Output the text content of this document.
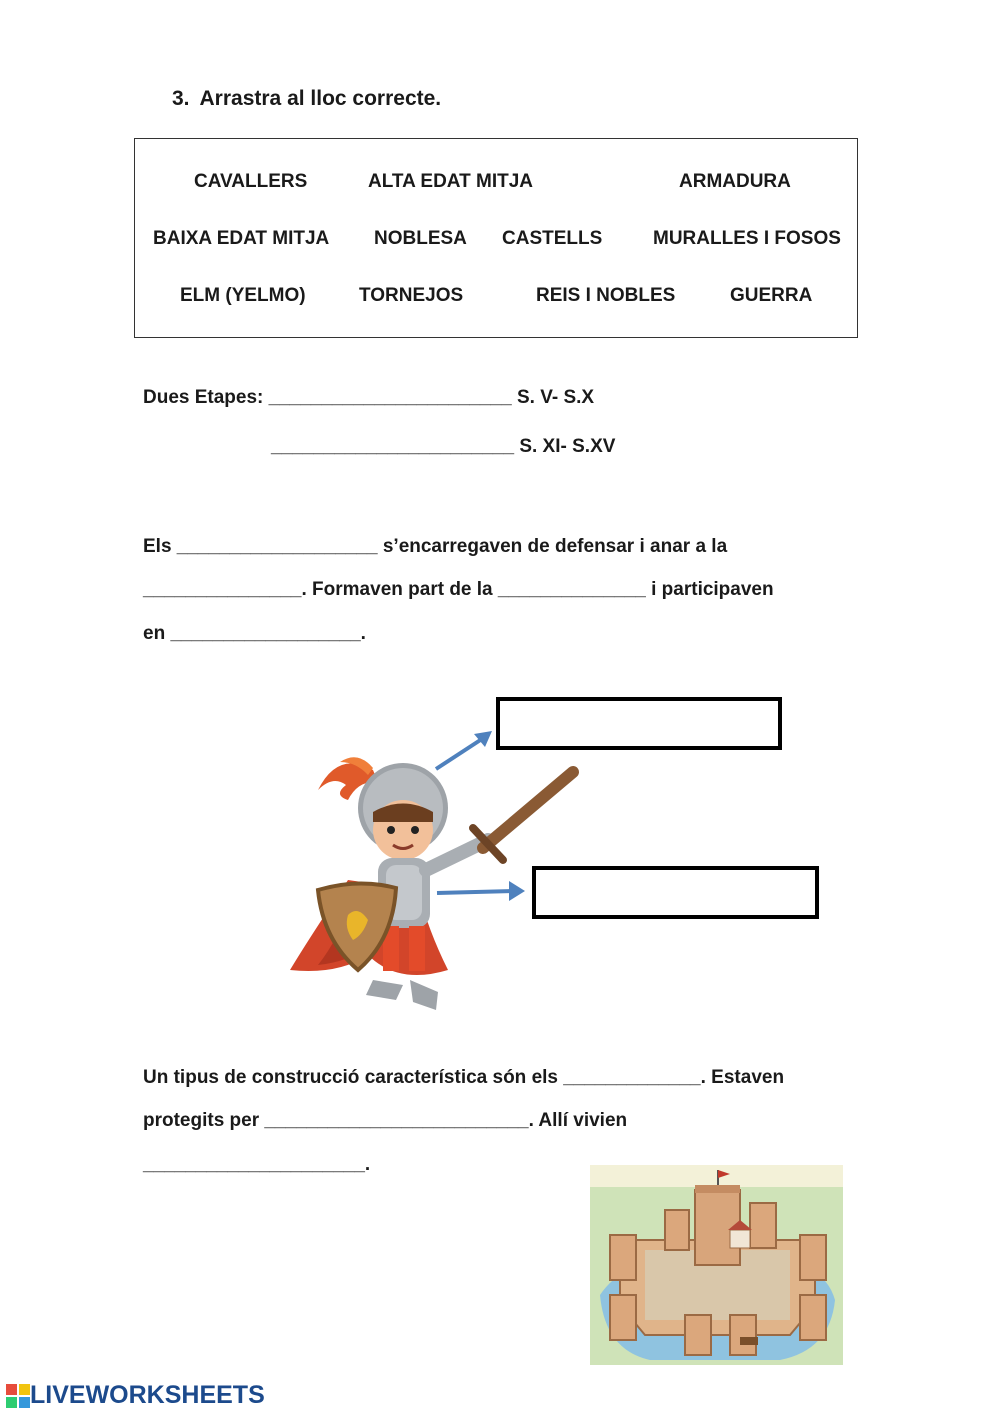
3. Arrastra al lloc correcte.
CAVALLERS	ALTA EDAT MITJA	ARMADURA
BAIXA EDAT MITJA NOBLESA CASTELLS	MURALLES I FOSOS
ELM (YELMO)	TORNEJOS	REIS I NOBLES	GUERRA
Dues Etapes: _______________________ S. V- S.X
_______________________ S. XI- S.XV
Els ___________________ s’encarregaven de defensar i anar a la
_______________. Formaven part de la ______________ i participaven
en __________________.
Un tipus de construcció característica són els _____________. Estaven
protegits per _________________________. Allí vivien
_____________________.
LIVEWORKSHEETS
